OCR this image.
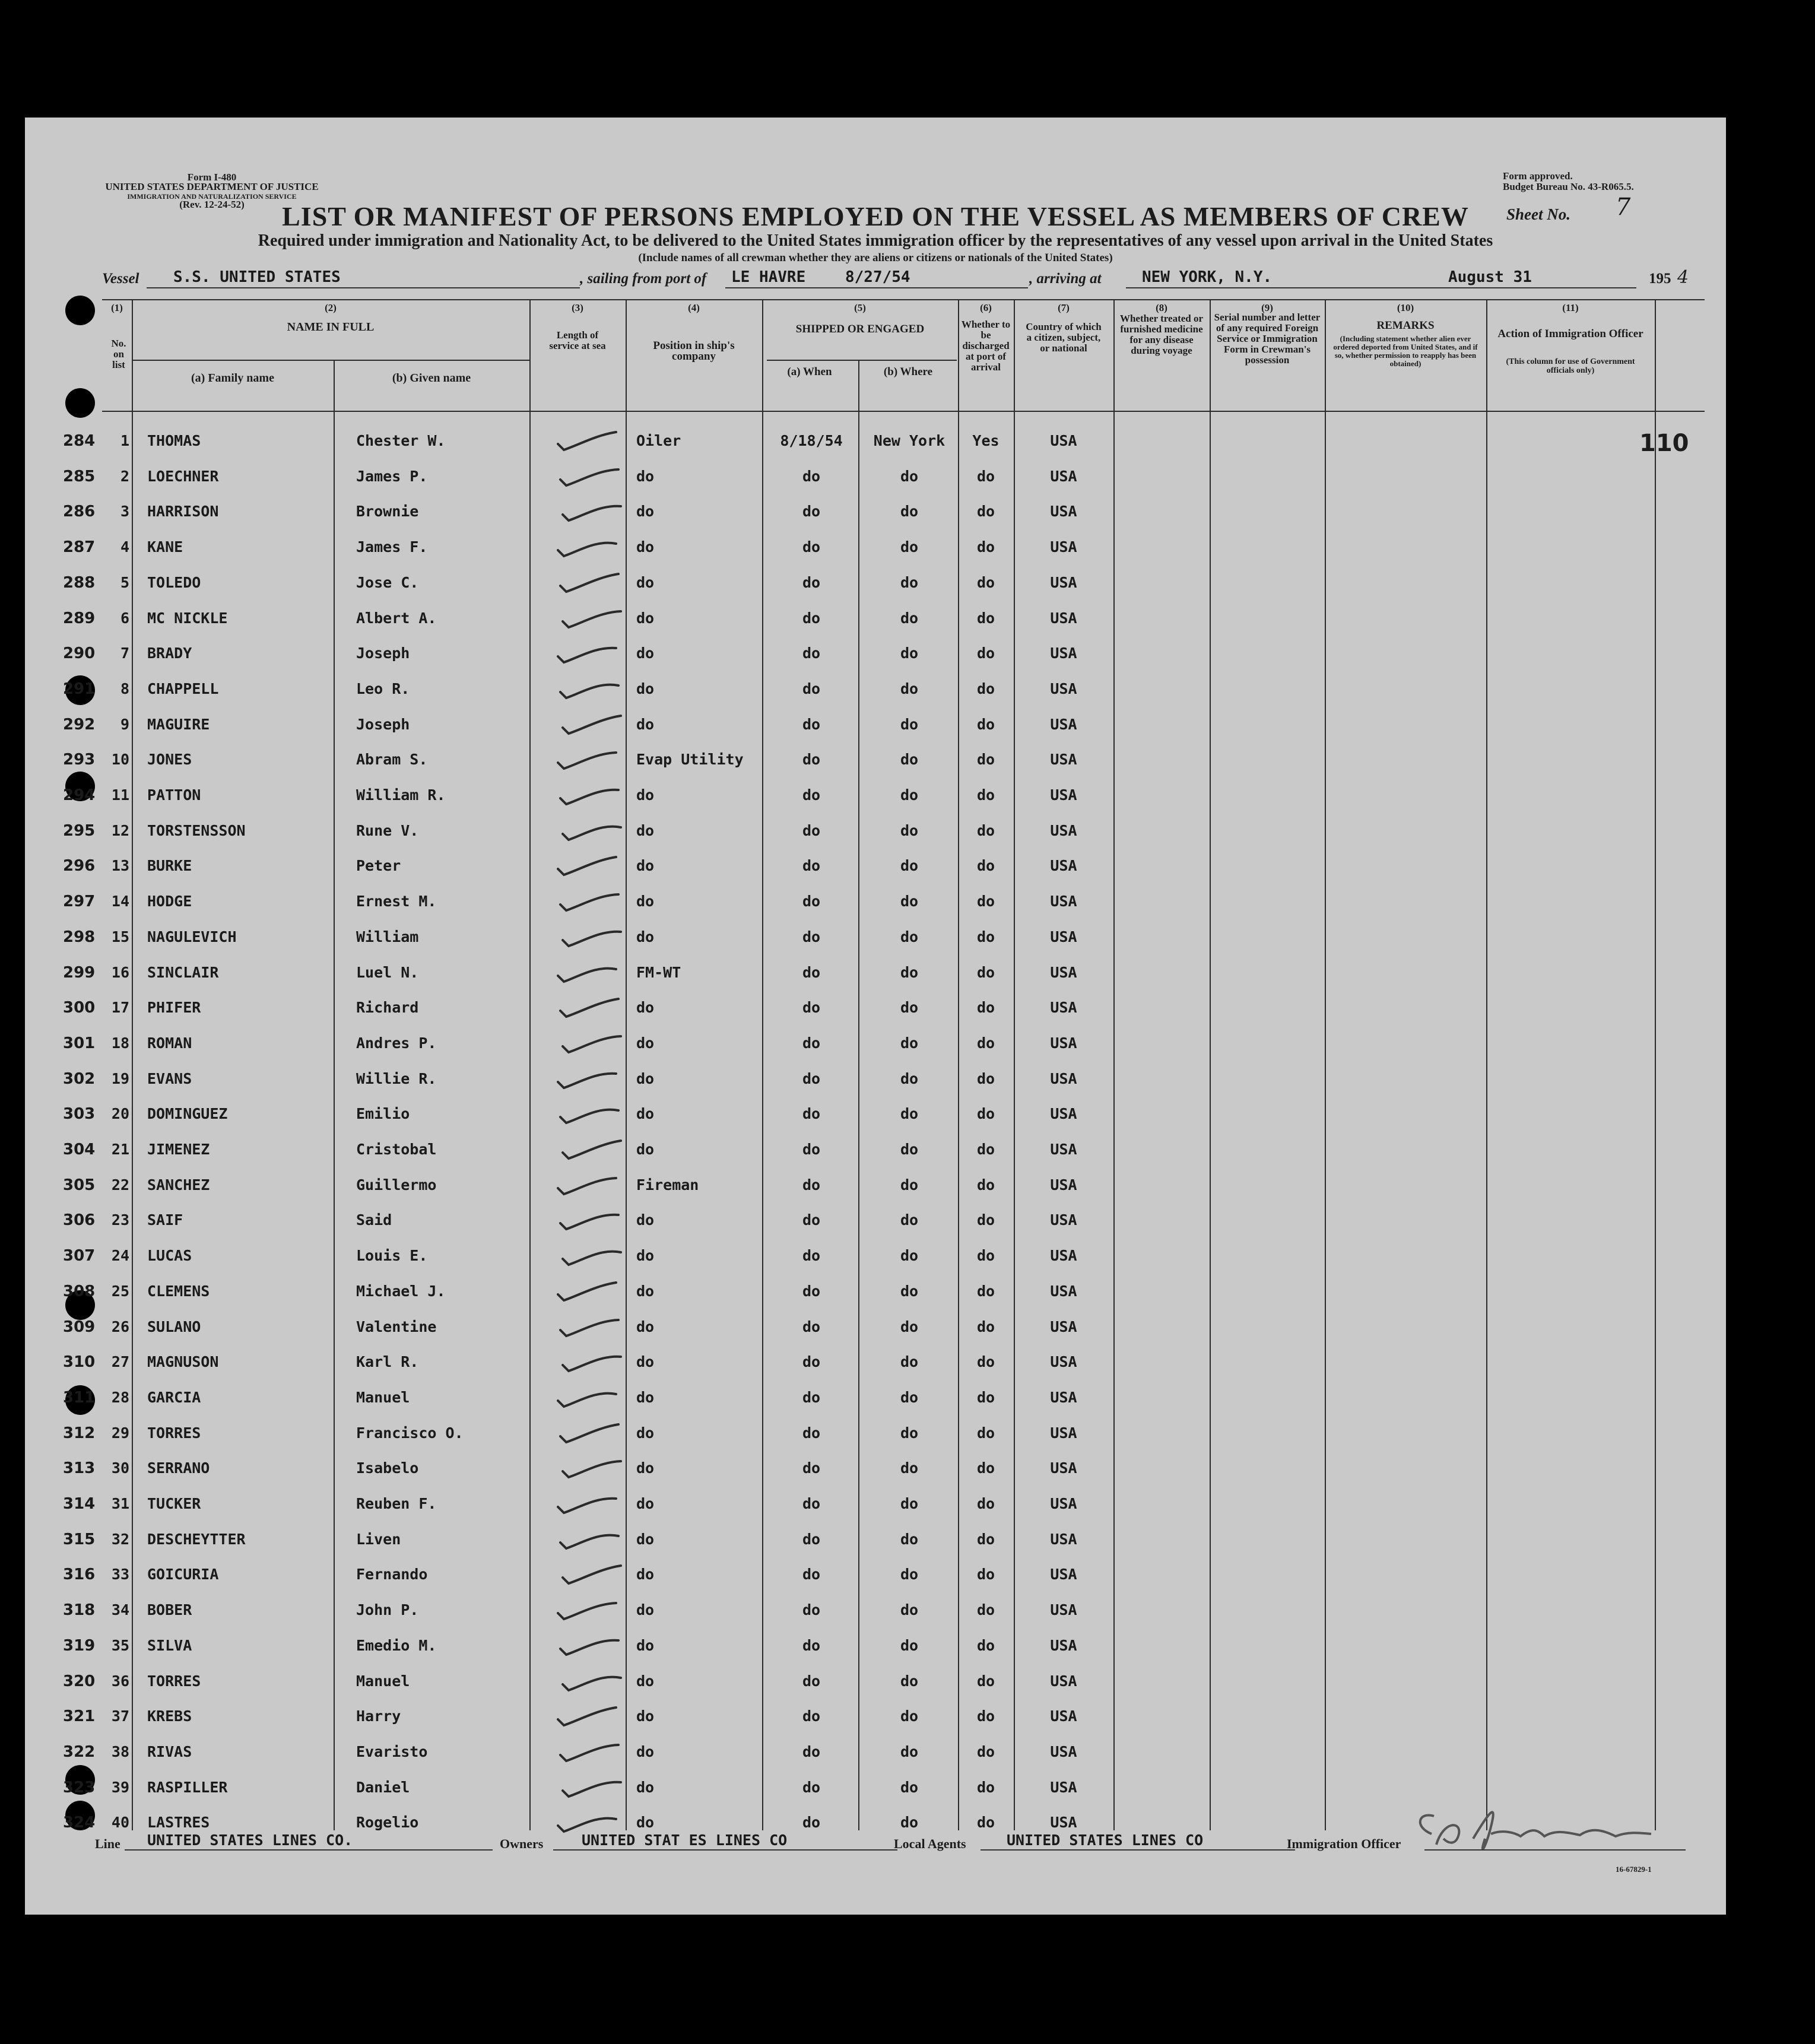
Form I-480
UNITED STATES DEPARTMENT OF JUSTICE
IMMIGRATION AND NATURALIZATION SERVICE
(Rev. 12-24-52)
Form approved.
Budget Bureau No. 43-R065.5.
Sheet No. 7
LIST OR MANIFEST OF PERSONS EMPLOYED ON THE VESSEL AS MEMBERS OF CREW
Required under immigration and Nationality Act, to be delivered to the United States immigration officer by the representatives of any vessel upon arrival in the United States
(Include names of all crewman whether they are aliens or citizens or nationals of the United States)
Vessel S.S. UNITED STATES	, sailing from port of LE HAVRE	8/27/54	, arriving at	NEW YORK, N.Y.	August 31	195 4
(1)
No. on list
(2)
NAME IN FULL
(a) Family name	(b) Given name
(3)
Length of service at sea
(4)
Position in ship's company
(5)
SHIPPED OR ENGAGED
(a) When	(b) Where
(6)
Whether to be discharged at port of arrival
(7)
Country of which a citizen, subject, or national
(8)
Whether treated or furnished medicine for any disease during voyage
(9)
Serial number and letter of any required Foreign Service or Immigration Form in Crewman's possession
(10)
REMARKS
(Including statement whether alien ever ordered deported from United States, and if so, whether permission to reapply has been obtained)
(11)
Action of Immigration Officer
(This column for use of Government officials only)
110
284	1 THOMAS	Chester W.	Oiler	8/18/54	New York	Yes	USA
285	2 LOECHNER	James P.	do	do	do	do	USA
286	3 HARRISON	Brownie	do	do	do	do	USA
287	4 KANE	James F.	do	do	do	do	USA
288	5 TOLEDO	Jose C.	do	do	do	do	USA
289	6 MC NICKLE	Albert A.	do	do	do	do	USA
290	7 BRADY	Joseph	do	do	do	do	USA
291	8 CHAPPELL	Leo R.	do	do	do	do	USA
292	9 MAGUIRE	Joseph	do	do	do	do	USA
293 10 JONES	Abram S.	Evap Utility	do	do	do	USA
294 11 PATTON	William R.	do	do	do	do	USA
295 12 TORSTENSSON	Rune V.	do	do	do	do	USA
296 13 BURKE	Peter	do	do	do	do	USA
297 14 HODGE	Ernest M.	do	do	do	do	USA
298 15 NAGULEVICH	William	do	do	do	do	USA
299 16 SINCLAIR	Luel N.	FM-WT	do	do	do	USA
300 17 PHIFER	Richard	do	do	do	do	USA
301 18 ROMAN	Andres P.	do	do	do	do	USA
302 19 EVANS	Willie R.	do	do	do	do	USA
303 20 DOMINGUEZ	Emilio	do	do	do	do	USA
304 21 JIMENEZ	Cristobal	do	do	do	do	USA
305 22 SANCHEZ	Guillermo	Fireman	do	do	do	USA
306 23 SAIF	Said	do	do	do	do	USA
307 24 LUCAS	Louis E.	do	do	do	do	USA
308 25 CLEMENS	Michael J.	do	do	do	do	USA
309 26 SULANO	Valentine	do	do	do	do	USA
310 27 MAGNUSON	Karl R.	do	do	do	do	USA
311 28 GARCIA	Manuel	do	do	do	do	USA
312 29 TORRES	Francisco O.	do	do	do	do	USA
313 30 SERRANO	Isabelo	do	do	do	do	USA
314 31 TUCKER	Reuben F.	do	do	do	do	USA
315 32 DESCHEYTTER	Liven	do	do	do	do	USA
316 33 GOICURIA	Fernando	do	do	do	do	USA
318 34 BOBER	John P.	do	do	do	do	USA
319 35 SILVA	Emedio M.	do	do	do	do	USA
320 36 TORRES	Manuel	do	do	do	do	USA
321 37 KREBS	Harry	do	do	do	do	USA
322 38 RIVAS	Evaristo	do	do	do	do	USA
323 39 RASPILLER	Daniel	do	do	do	do	USA
324 40 LASTRES	Rogelio	do	do	do	do	USA
Line UNITED STATES LINES CO.	Owners	UNITED STAT ES LINES CO	Local Agents	UNITED STATES LINES CO	Immigration Officer
16-67829-1
